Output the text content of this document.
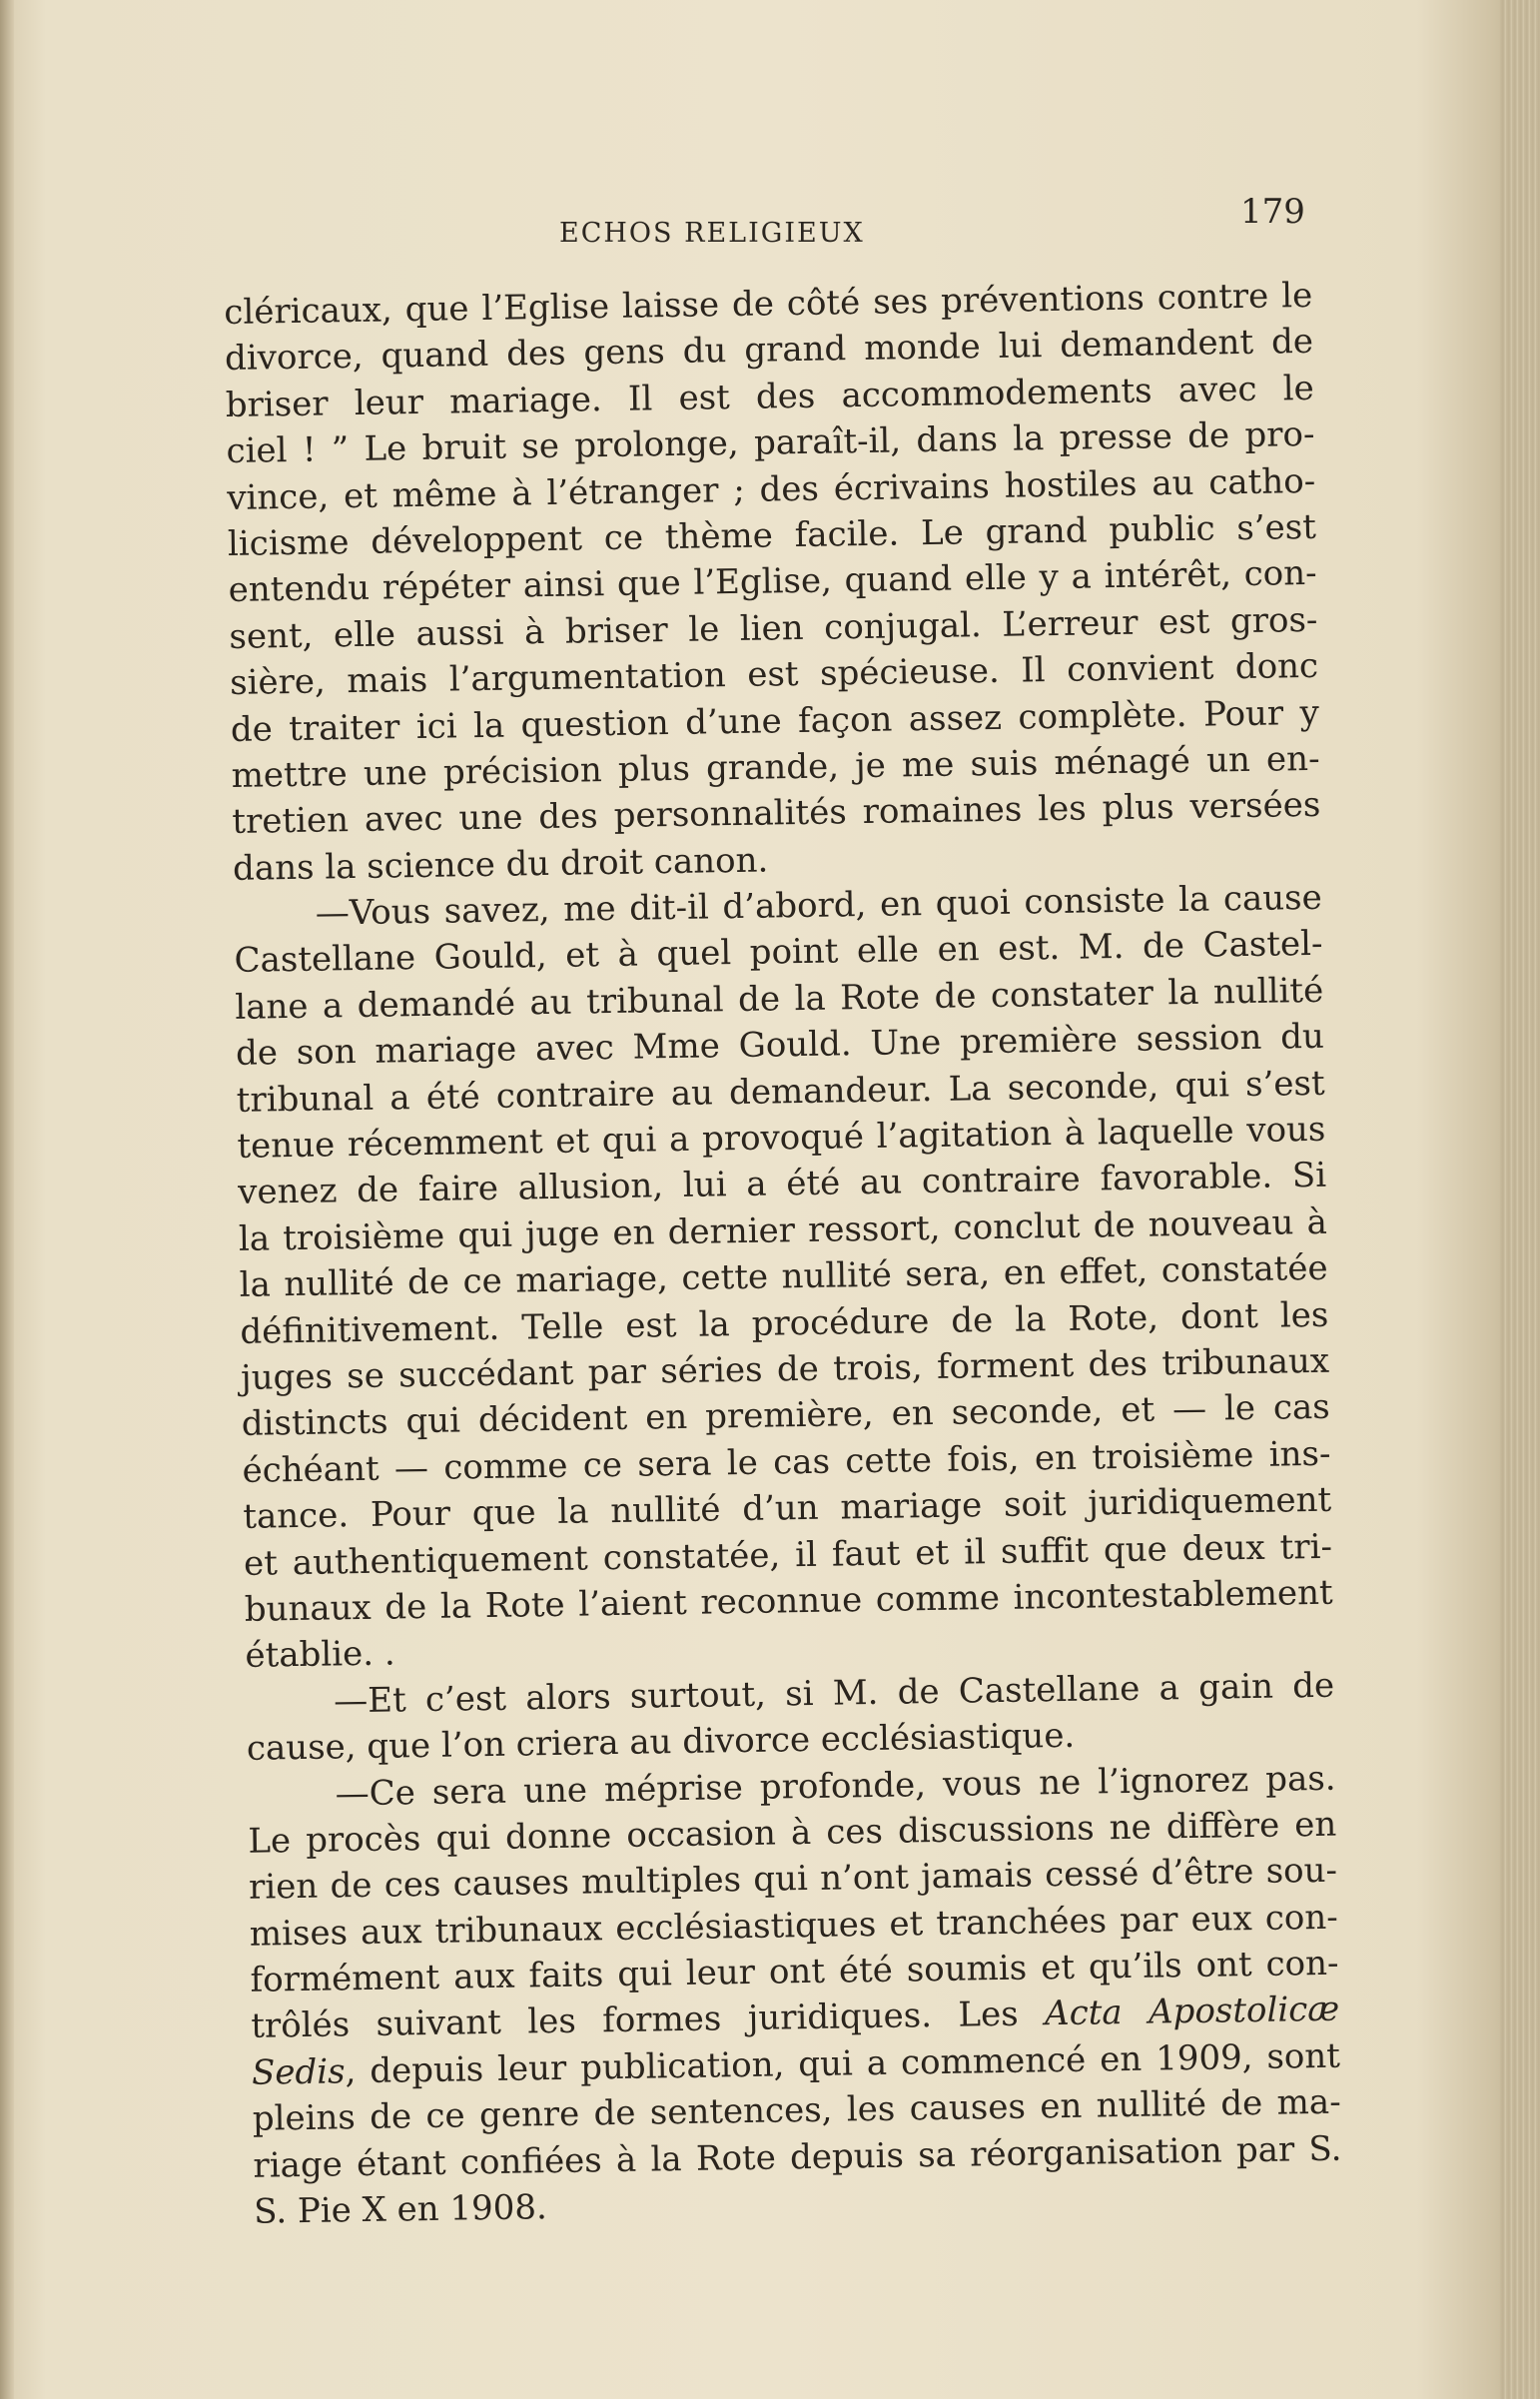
ECHOS RELIGIEUX
179
cléricaux, que l’Eglise laisse de côté ses préventions contre le
divorce, quand des gens du grand monde lui demandent de
briser leur mariage. Il est des accommodements avec le
ciel ! ” Le bruit se prolonge, paraît-il, dans la presse de pro-
vince, et même à l’étranger ; des écrivains hostiles au catho-
licisme développent ce thème facile. Le grand public s’est
entendu répéter ainsi que l’Eglise, quand elle y a intérêt, con-
sent, elle aussi à briser le lien conjugal. L’erreur est gros-
sière, mais l’argumentation est spécieuse. Il convient donc
de traiter ici la question d’une façon assez complète. Pour y
mettre une précision plus grande, je me suis ménagé un en-
tretien avec une des personnalités romaines les plus versées
dans la science du droit canon.
—Vous savez, me dit-il d’abord, en quoi consiste la cause
Castellane Gould, et à quel point elle en est. M. de Castel-
lane a demandé au tribunal de la Rote de constater la nullité
de son mariage avec Mme Gould. Une première session du
tribunal a été contraire au demandeur. La seconde, qui s’est
tenue récemment et qui a provoqué l’agitation à laquelle vous
venez de faire allusion, lui a été au contraire favorable. Si
la troisième qui juge en dernier ressort, conclut de nouveau à
la nullité de ce mariage, cette nullité sera, en effet, constatée
définitivement. Telle est la procédure de la Rote, dont les
juges se succédant par séries de trois, forment des tribunaux
distincts qui décident en première, en seconde, et — le cas
échéant — comme ce sera le cas cette fois, en troisième ins-
tance. Pour que la nullité d’un mariage soit juridiquement
et authentiquement constatée, il faut et il suffit que deux tri-
bunaux de la Rote l’aient reconnue comme incontestablement
établie. .
—Et c’est alors surtout, si M. de Castellane a gain de
cause, que l’on criera au divorce ecclésiastique.
—Ce sera une méprise profonde, vous ne l’ignorez pas.
Le procès qui donne occasion à ces discussions ne diffère en
rien de ces causes multiples qui n’ont jamais cessé d’être sou-
mises aux tribunaux ecclésiastiques et tranchées par eux con-
formément aux faits qui leur ont été soumis et qu’ils ont con-
trôlés suivant les formes juridiques. Les Acta Apostolicæ
Sedis, depuis leur publication, qui a commencé en 1909, sont
pleins de ce genre de sentences, les causes en nullité de ma-
riage étant confiées à la Rote depuis sa réorganisation par S.
S. Pie X en 1908.
